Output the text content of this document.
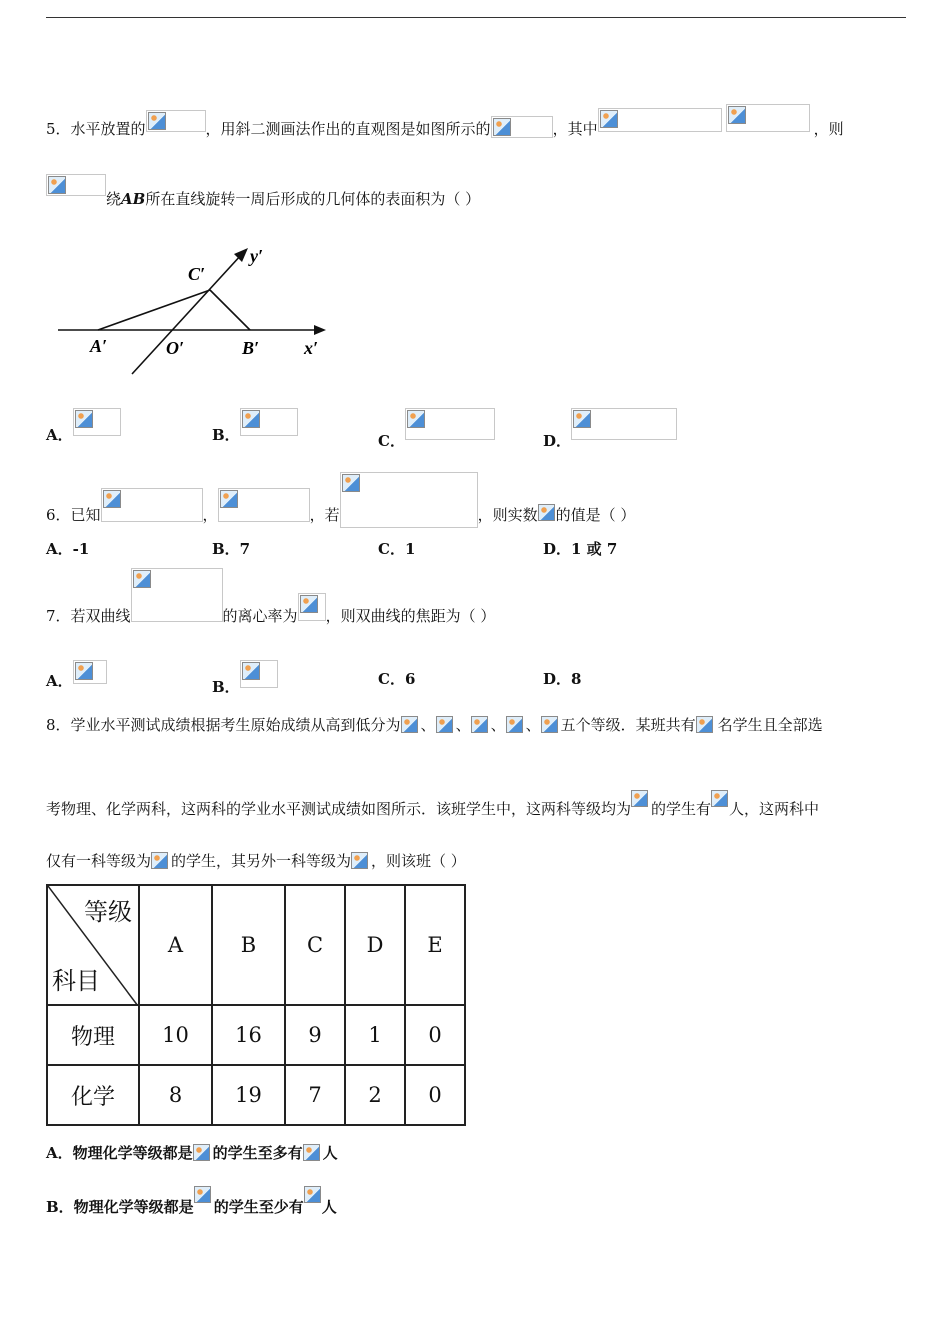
5．水平放置的	，用斜二测画法作出的直观图是如图所示的	，其中	，则
绕AB所在直线旋转一周后形成的几何体的表面积为（ ）
C′
y′
A′	O′	B′ x′
A．	B．	C．	D．
6．已知	，	，若	，则实数 的值是（ ）
A．-1	B．7	C．1	D．1 或 7
7．若双曲线	的离心率为 ，则双曲线的焦距为（ ）
A．	B．	C．6	D．8
8．学业水平测试成绩根据考生原始成绩从高到低分为 、 、 、 、 五个等级．某班共有 名学生且全部选
考物理、化学两科，这两科的学业水平测试成绩如图所示．该班学生中，这两科等级均为 的学生有 人，这两科中
仅有一科等级为 的学生，其另外一科等级为 ，则该班（ ）
等级
科目	A	B	C	D	E
物理	10	16	9	1	0
化学	8	19	7	2	0
A．物理化学等级都是 的学生至多有 人
B．物理化学等级都是 的学生至少有 人
